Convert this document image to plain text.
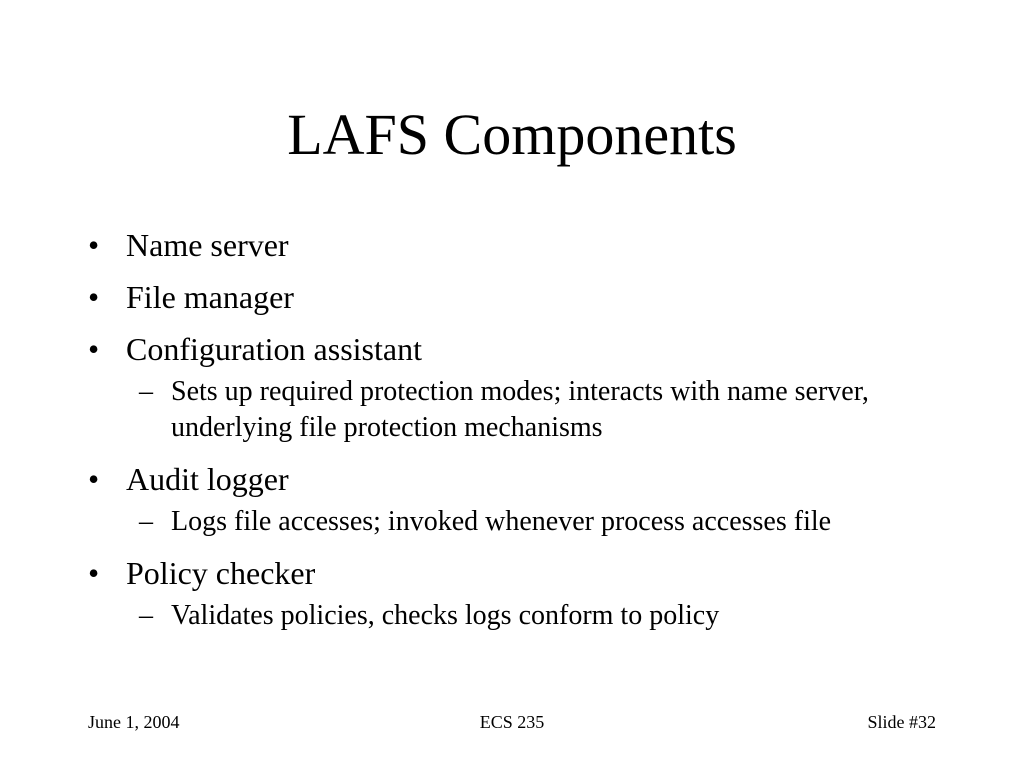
LAFS Components
• Name server
• File manager
• Configuration assistant
– Sets up required protection modes; interacts with name server, underlying file protection mechanisms
• Audit logger
– Logs file accesses; invoked whenever process accesses file
• Policy checker
– Validates policies, checks logs conform to policy
ECS 235
June 1, 2004	Slide #32
